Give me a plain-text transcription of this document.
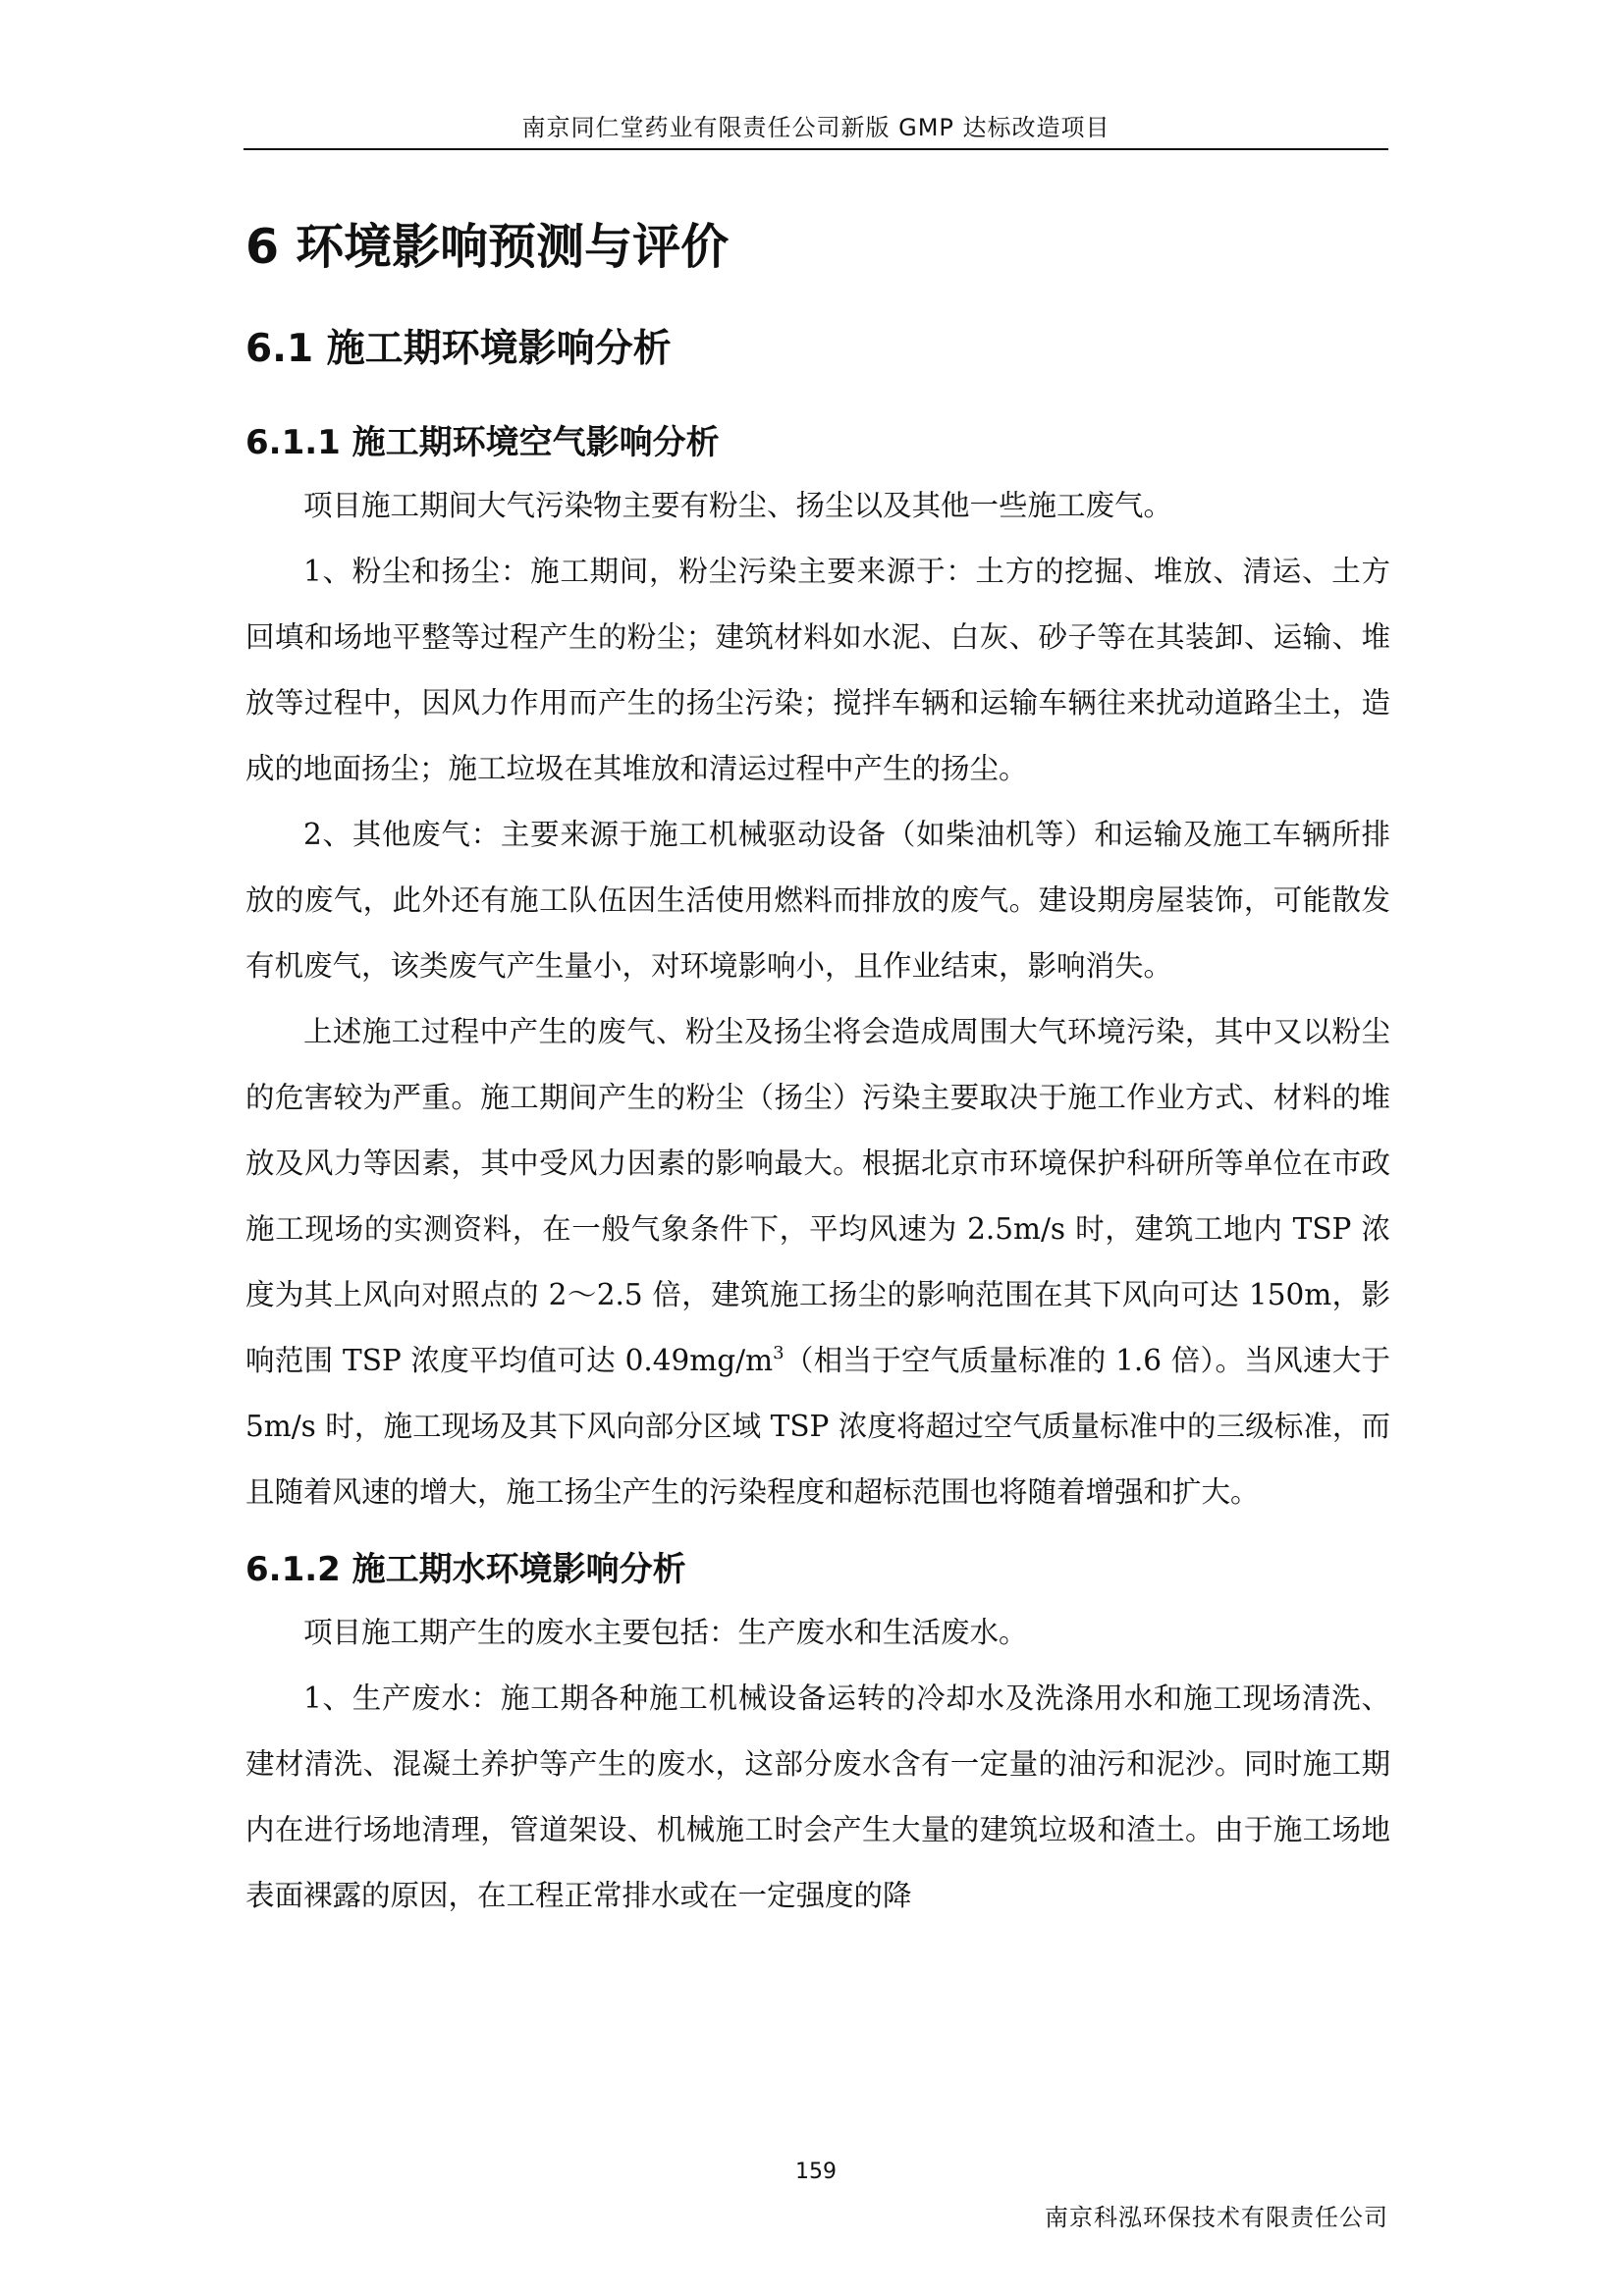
南京同仁堂药业有限责任公司新版 GMP 达标改造项目
6 环境影响预测与评价
6.1 施工期环境影响分析
6.1.1 施工期环境空气影响分析

项目施工期间大气污染物主要有粉尘、扬尘以及其他一些施工废气。

1、粉尘和扬尘：施工期间，粉尘污染主要来源于：土方的挖掘、堆放、清运、土方回填和场地平整等过程产生的粉尘；建筑材料如水泥、白灰、砂子等在其装卸、运输、堆放等过程中，因风力作用而产生的扬尘污染；搅拌车辆和运输车辆往来扰动道路尘土，造成的地面扬尘；施工垃圾在其堆放和清运过程中产生的扬尘。

2、其他废气：主要来源于施工机械驱动设备（如柴油机等）和运输及施工车辆所排放的废气，此外还有施工队伍因生活使用燃料而排放的废气。建设期房屋装饰，可能散发有机废气，该类废气产生量小，对环境影响小，且作业结束，影响消失。

上述施工过程中产生的废气、粉尘及扬尘将会造成周围大气环境污染，其中又以粉尘的危害较为严重。施工期间产生的粉尘（扬尘）污染主要取决于施工作业方式、材料的堆放及风力等因素，其中受风力因素的影响最大。根据北京市环境保护科研所等单位在市政施工现场的实测资料，在一般气象条件下，平均风速为 2.5m/s 时，建筑工地内 TSP 浓度为其上风向对照点的 2～2.5 倍，建筑施工扬尘的影响范围在其下风向可达 150m，影响范围 TSP 浓度平均值可达 $0.49mg/m^3$（相当于空气质量标准的 1.6 倍）。当风速大于 5m/s 时，施工现场及其下风向部分区域 TSP 浓度将超过空气质量标准中的三级标准，而且随着风速的增大，施工扬尘产生的污染程度和超标范围也将随着增强和扩大。

6.1.2 施工期水环境影响分析

项目施工期产生的废水主要包括：生产废水和生活废水。

1、生产废水：施工期各种施工机械设备运转的冷却水及洗涤用水和施工现场清洗、建材清洗、混凝土养护等产生的废水，这部分废水含有一定量的油污和泥沙。同时施工期内在进行场地清理，管道架设、机械施工时会产生大量的建筑垃圾和渣土。由于施工场地表面裸露的原因，在工程正常排水或在一定强度的降

159
南京科泓环保技术有限责任公司
